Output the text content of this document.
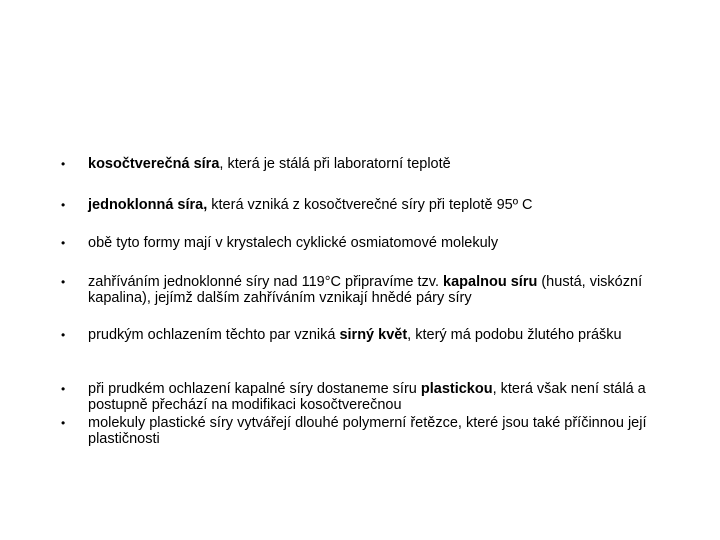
• kosočtverečná síra, která je stálá při laboratorní teplotě
• jednoklonná síra, která vzniká z kosočtverečné síry při teplotě 95º C
• obě tyto formy mají v krystalech cyklické osmiatomové molekuly
• zahříváním jednoklonné síry nad 119°C připravíme tzv. kapalnou síru (hustá, viskózní kapalina), jejímž dalším zahříváním vznikají hnědé páry síry
• prudkým ochlazením těchto par vzniká sirný květ, který má podobu žlutého prášku
• při prudkém ochlazení kapalné síry dostaneme síru plastickou, která však není stálá a postupně přechází na modifikaci kosočtverečnou
• molekuly plastické síry vytvářejí dlouhé polymerní řetězce, které jsou také příčinnou její plastičnosti
